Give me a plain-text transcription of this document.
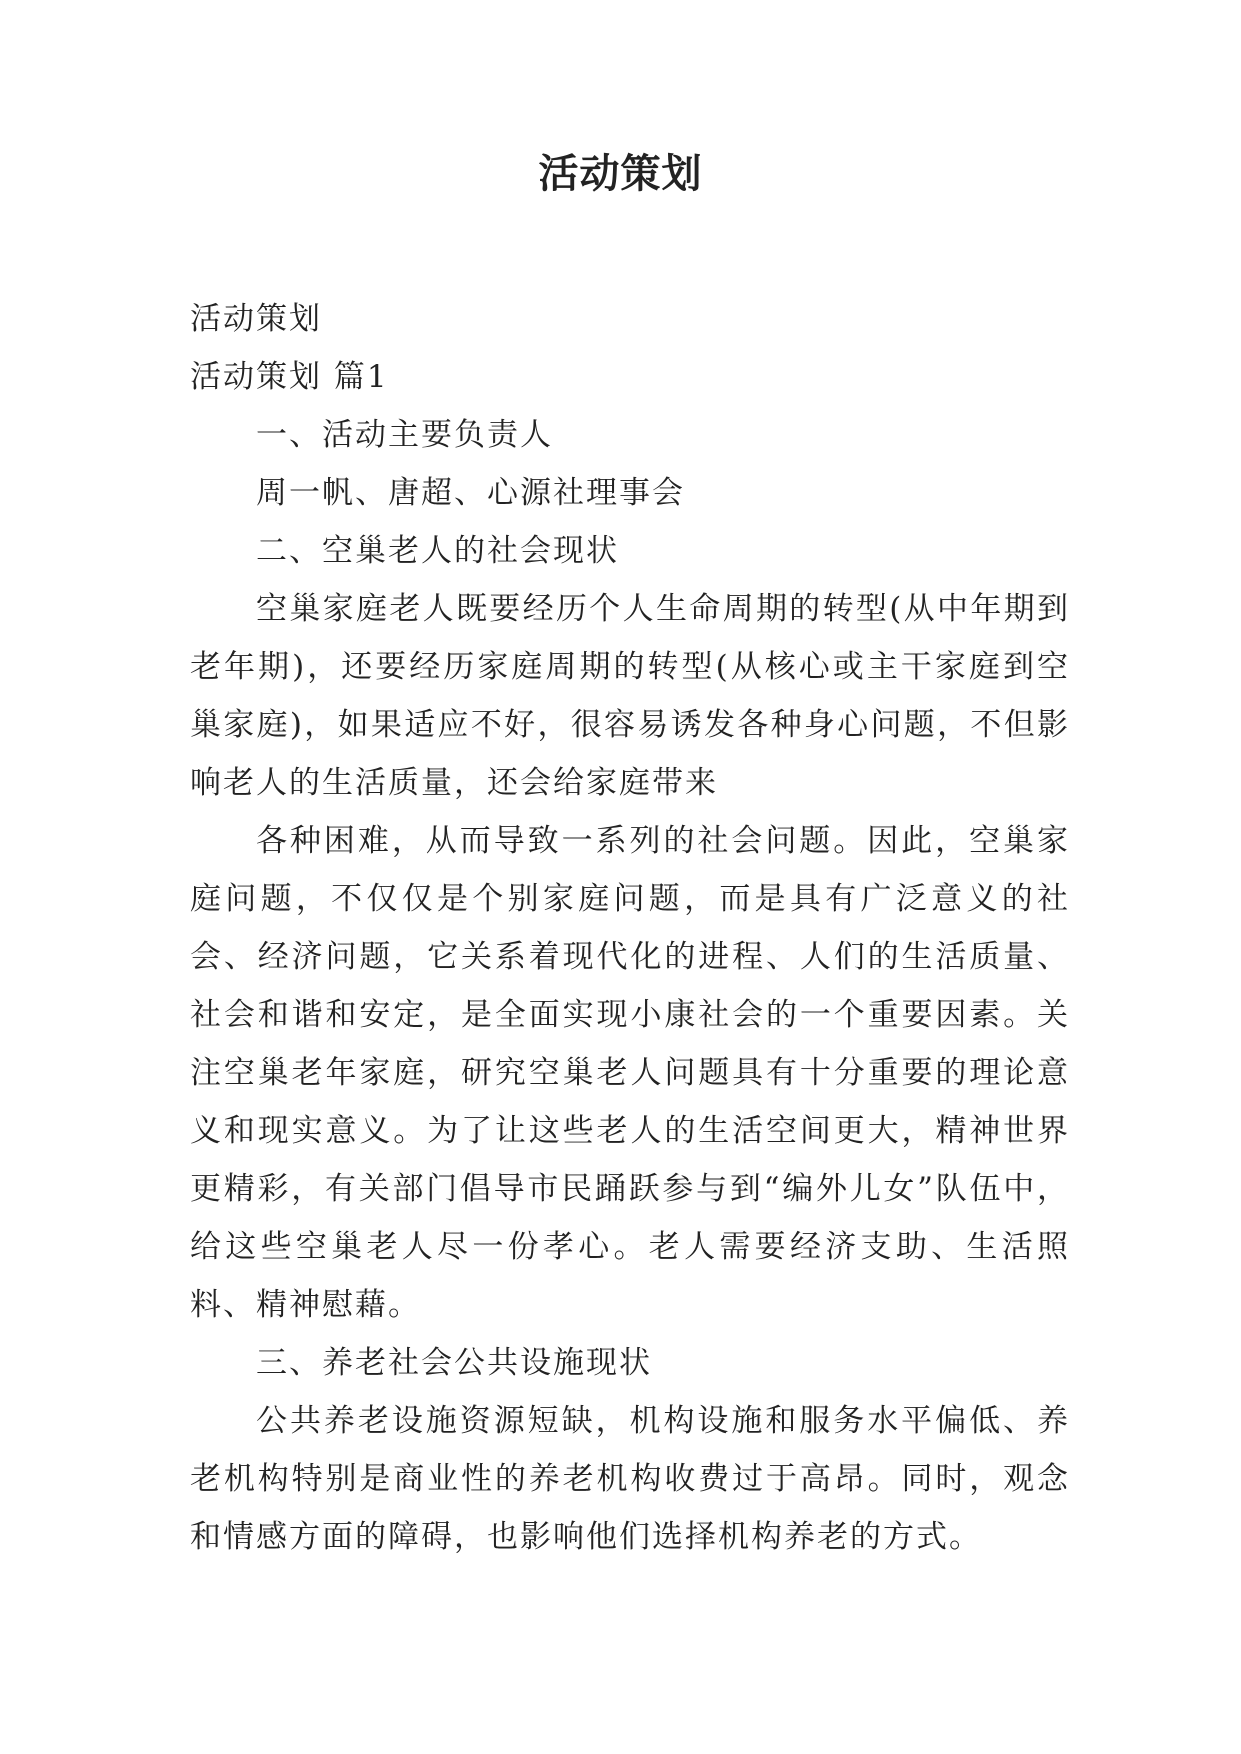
活动策划

活动策划

活动策划 篇1

一、活动主要负责人

周一帆、唐超、心源社理事会

二、空巢老人的社会现状

空巢家庭老人既要经历个人生命周期的转型(从中年期到老年期)，还要经历家庭周期的转型(从核心或主干家庭到空巢家庭)，如果适应不好，很容易诱发各种身心问题，不但影响老人的生活质量，还会给家庭带来

各种困难，从而导致一系列的社会问题。因此，空巢家庭问题，不仅仅是个别家庭问题，而是具有广泛意义的社会、经济问题，它关系着现代化的进程、人们的生活质量、社会和谐和安定，是全面实现小康社会的一个重要因素。关注空巢老年家庭，研究空巢老人问题具有十分重要的理论意义和现实意义。为了让这些老人的生活空间更大，精神世界更精彩，有关部门倡导市民踊跃参与到“编外儿女”队伍中，给这些空巢老人尽一份孝心。老人需要经济支助、生活照料、精神慰藉。

三、养老社会公共设施现状

公共养老设施资源短缺，机构设施和服务水平偏低、养老机构特别是商业性的养老机构收费过于高昂。同时，观念和情感方面的障碍，也影响他们选择机构养老的方式。
